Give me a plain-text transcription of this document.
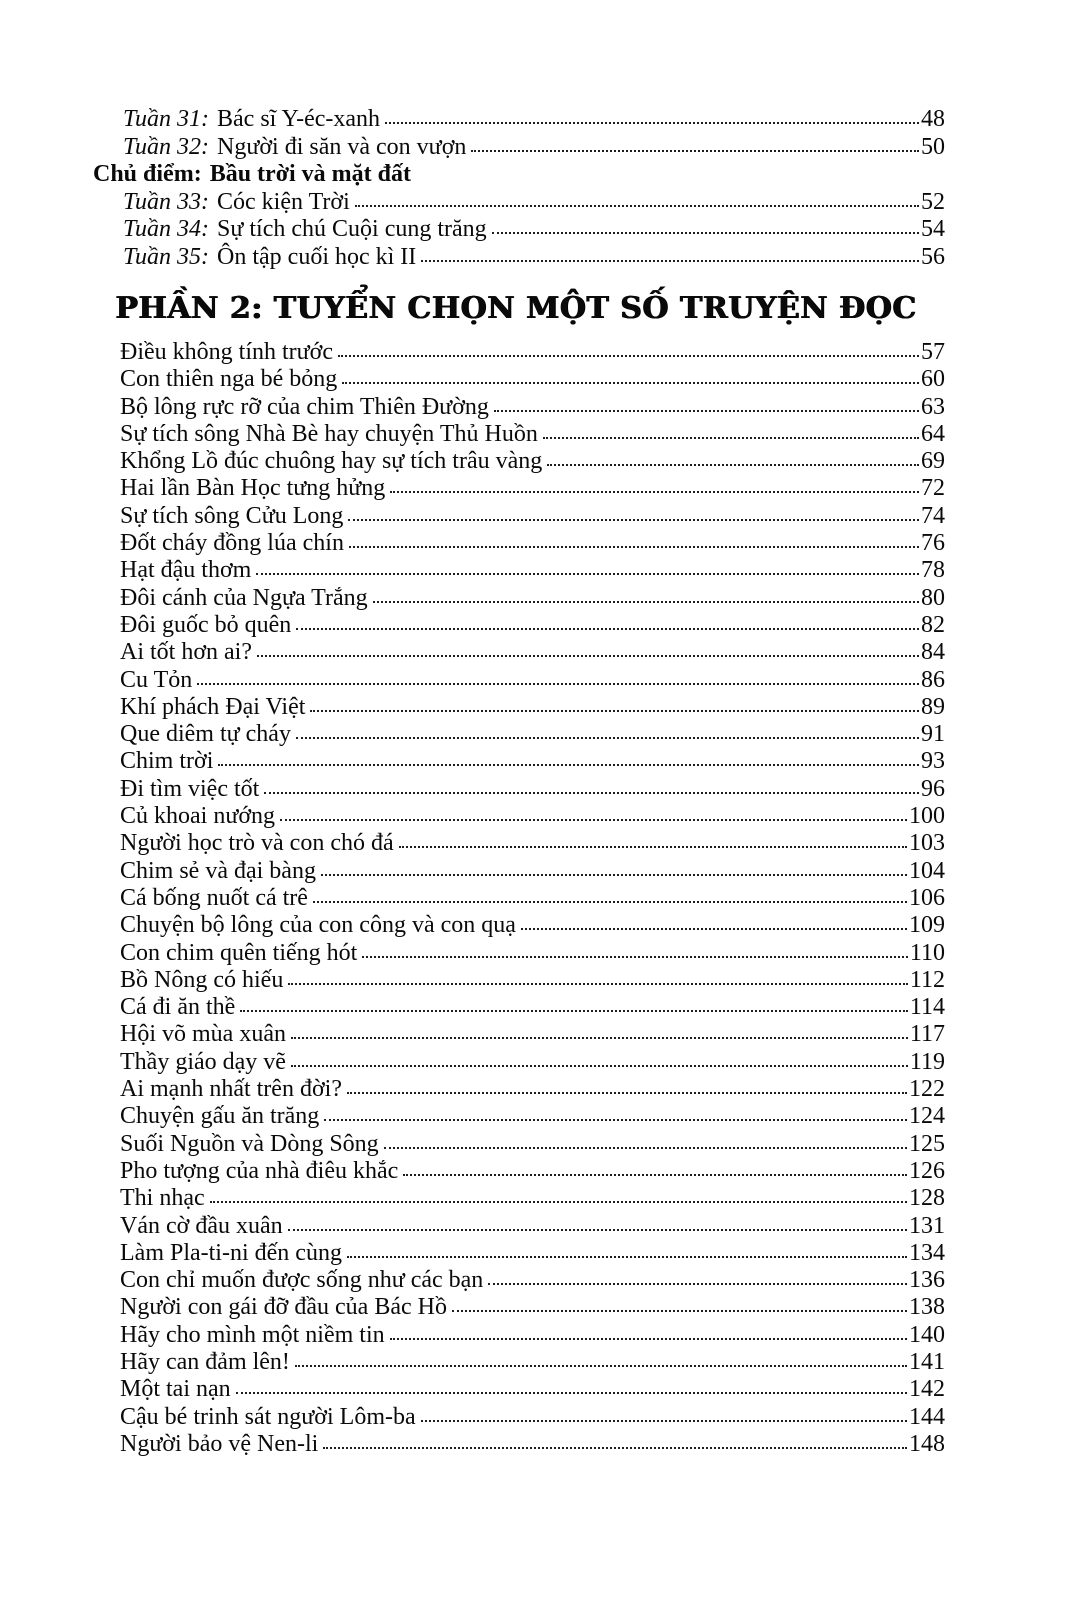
Tuần 31: Bác sĩ Y-éc-xanh	48
Tuần 32: Người đi săn và con vượn	50
Chủ điểm: Bầu trời và mặt đất
Tuần 33: Cóc kiện Trời	52
Tuần 34: Sự tích chú Cuội cung trăng	54
Tuần 35: Ôn tập cuối học kì II	56
PHẦN 2: TUYỂN CHỌN MỘT SỐ TRUYỆN ĐỌC
Điều không tính trước	57
Con thiên nga bé bỏng	60
Bộ lông rực rỡ của chim Thiên Đường	63
Sự tích sông Nhà Bè hay chuyện Thủ Huồn	64
Khổng Lồ đúc chuông hay sự tích trâu vàng	69
Hai lần Bàn Học tưng hửng	72
Sự tích sông Cửu Long	74
Đốt cháy đồng lúa chín	76
Hạt đậu thơm	78
Đôi cánh của Ngựa Trắng	80
Đôi guốc bỏ quên	82
Ai tốt hơn ai?	84
Cu Tỏn	86
Khí phách Đại Việt	89
Que diêm tự cháy	91
Chim trời	93
Đi tìm việc tốt	96
Củ khoai nướng	100
Người học trò và con chó đá	103
Chim sẻ và đại bàng	104
Cá bống nuốt cá trê	106
Chuyện bộ lông của con công và con quạ	109
Con chim quên tiếng hót	110
Bồ Nông có hiếu	112
Cá đi ăn thề	114
Hội võ mùa xuân	117
Thầy giáo dạy vẽ	119
Ai mạnh nhất trên đời?	122
Chuyện gấu ăn trăng	124
Suối Nguồn và Dòng Sông	125
Pho tượng của nhà điêu khắc	126
Thi nhạc	128
Ván cờ đầu xuân	131
Làm Pla-ti-ni đến cùng	134
Con chỉ muốn được sống như các bạn	136
Người con gái đỡ đầu của Bác Hồ	138
Hãy cho mình một niềm tin	140
Hãy can đảm lên!	141
Một tai nạn	142
Cậu bé trinh sát người Lôm-ba	144
Người bảo vệ Nen-li	148
